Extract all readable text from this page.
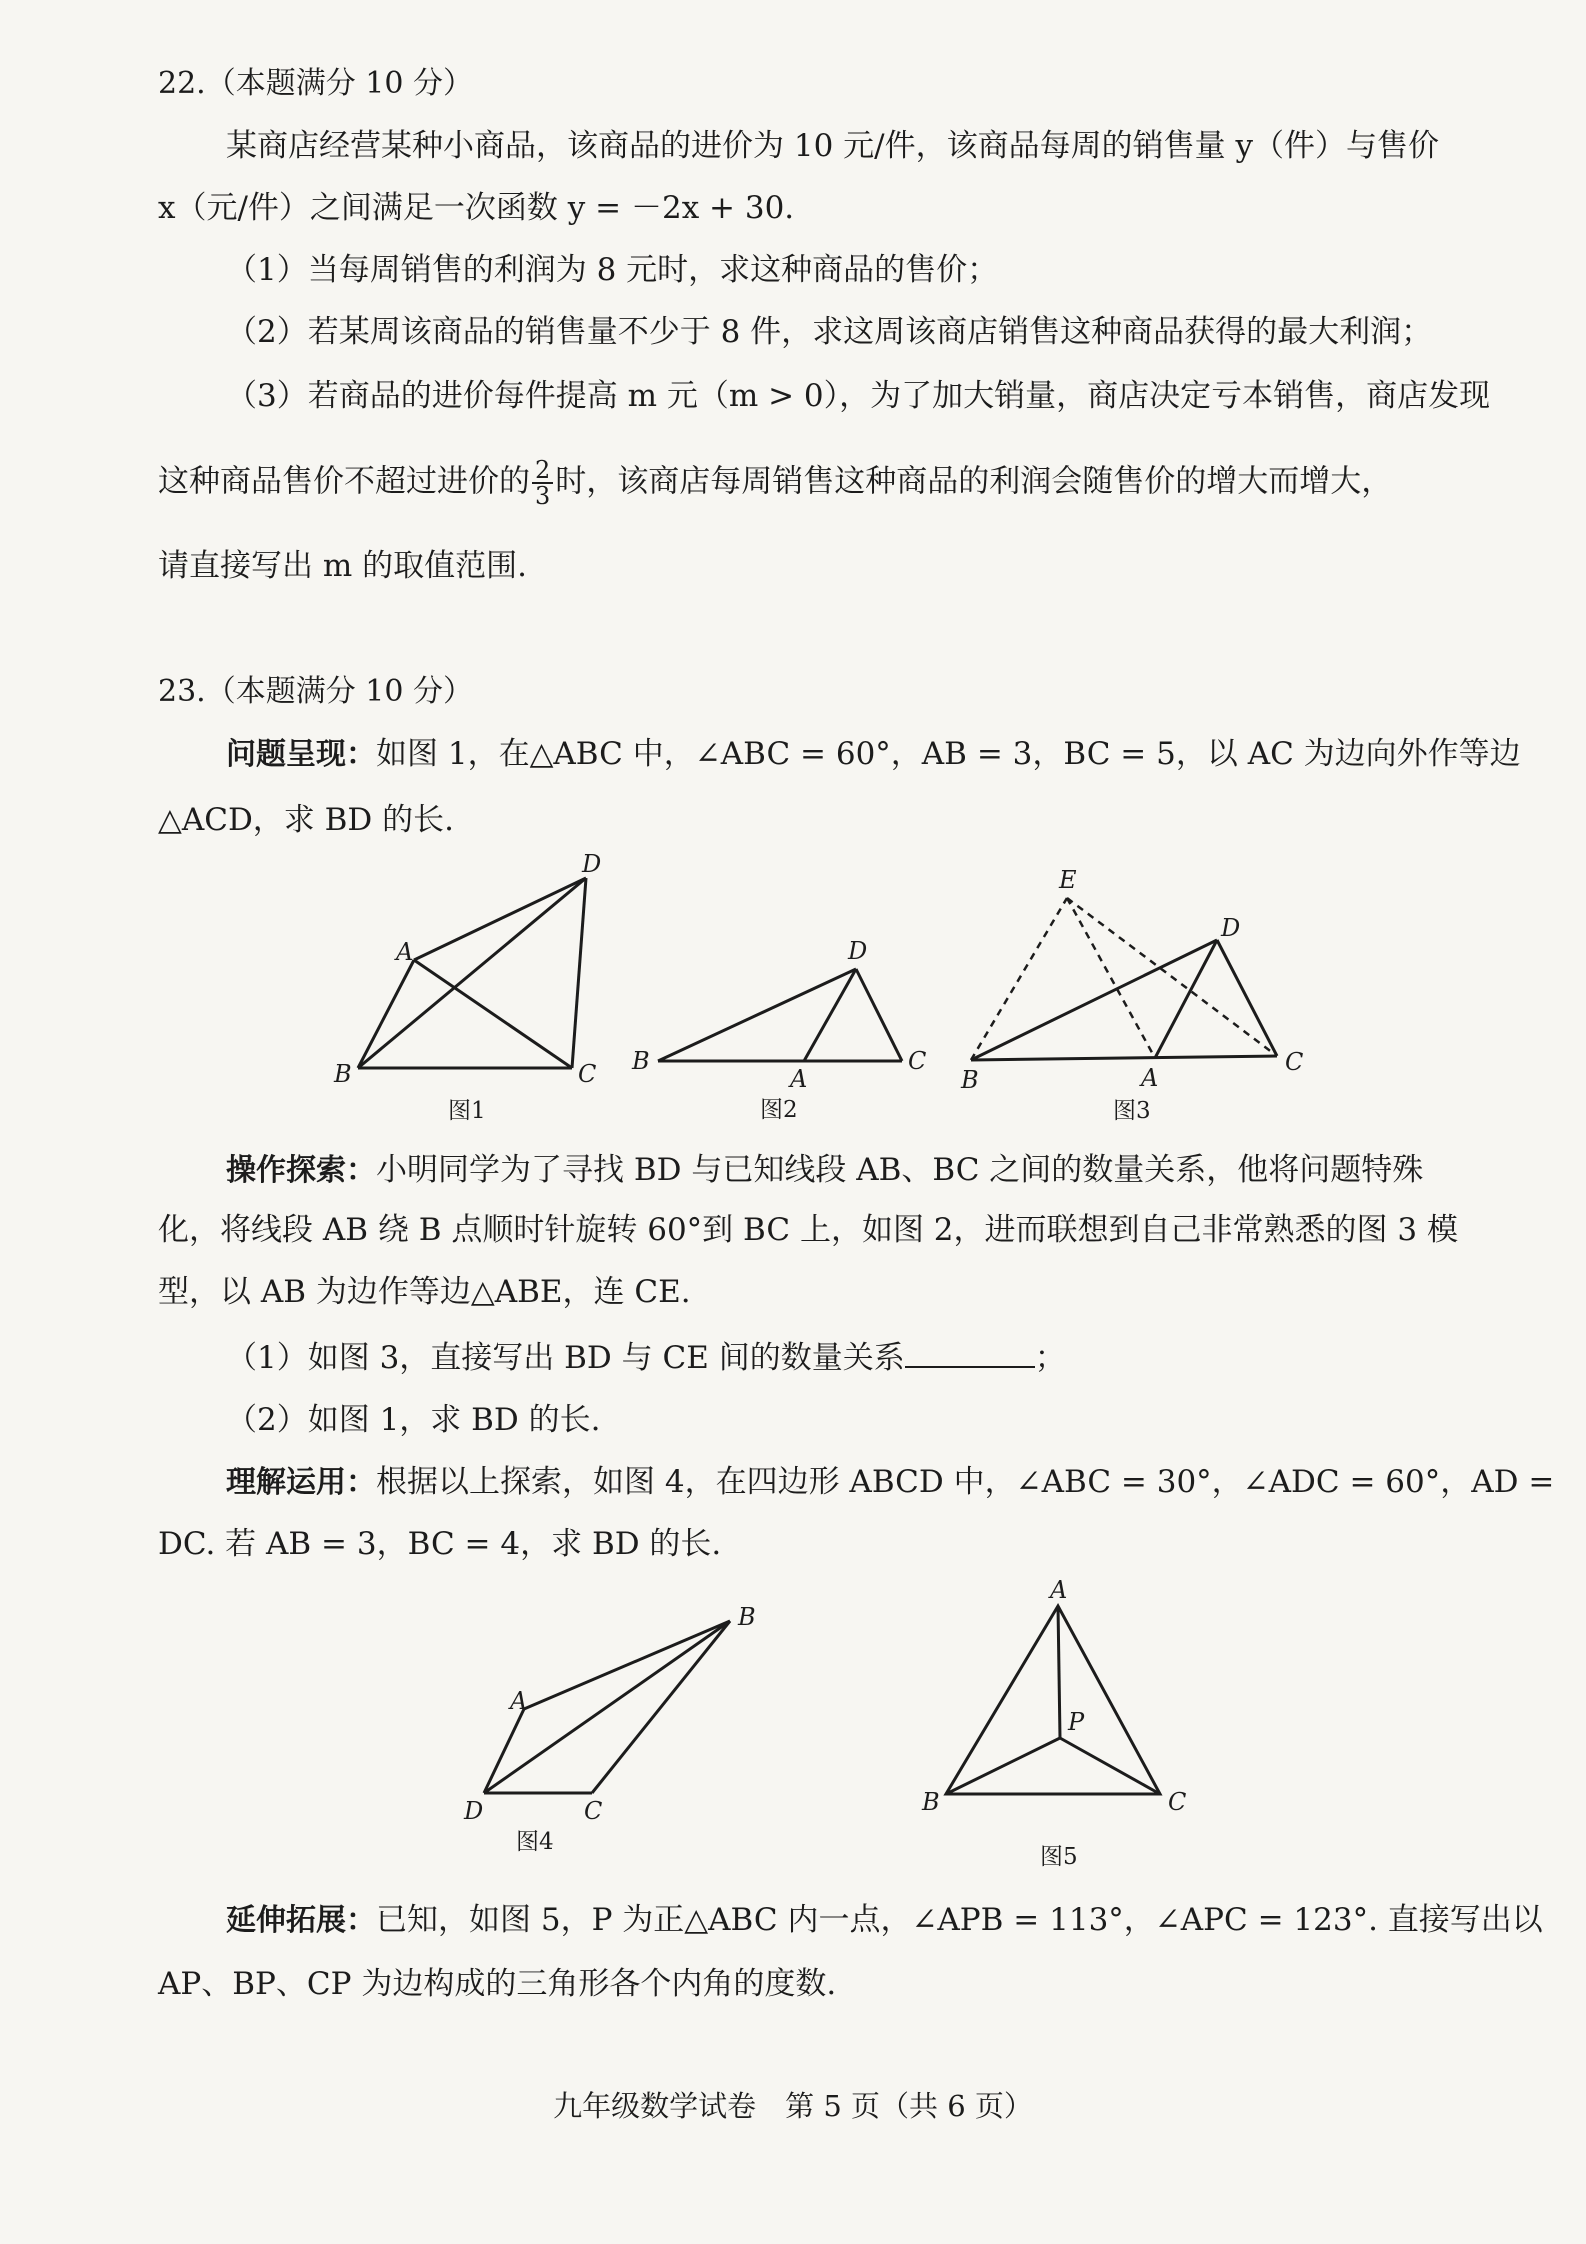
22.（本题满分 10 分）
某商店经营某种小商品，该商品的进价为 10 元/件，该商品每周的销售量 y（件）与售价
x（元/件）之间满足一次函数 y = －2x + 30.
（1）当每周销售的利润为 8 元时，求这种商品的售价；
（2）若某周该商品的销售量不少于 8 件，求这周该商店销售这种商品获得的最大利润；
（3）若商品的进价每件提高 m 元（m > 0），为了加大销量，商店决定亏本销售，商店发现
这种商品售价不超过进价的 $\frac{2}{3}$ 时，该商店每周销售这种商品的利润会随售价的增大而增大，
请直接写出 m 的取值范围.
23.（本题满分 10 分）
问题呈现：如图 1，在△ABC 中，∠ABC = 60°，AB = 3，BC = 5，以 AC 为边向外作等边
△ACD，求 BD 的长.
A
B	C
D
图1
B
A
C
D
图2
E
D
B	A
C
图3
操作探索：小明同学为了寻找 BD 与已知线段 AB、BC 之间的数量关系，他将问题特殊
化，将线段 AB 绕 B 点顺时针旋转 60°到 BC 上，如图 2，进而联想到自己非常熟悉的图 3 模
型，以 AB 为边作等边△ABE，连 CE.
（1）如图 3，直接写出 BD 与 CE 间的数量关系	；
（2）如图 1，求 BD 的长.
理解运用：根据以上探索，如图 4，在四边形 ABCD 中，∠ABC = 30°，∠ADC = 60°，AD =
DC. 若 AB = 3，BC = 4，求 BD 的长.
A
B
D	C
图4
A
P
B	C
图5
延伸拓展：已知，如图 5，P 为正△ABC 内一点，∠APB = 113°，∠APC = 123°. 直接写出以
AP、BP、CP 为边构成的三角形各个内角的度数.
九年级数学试卷　第 5 页（共 6 页）
